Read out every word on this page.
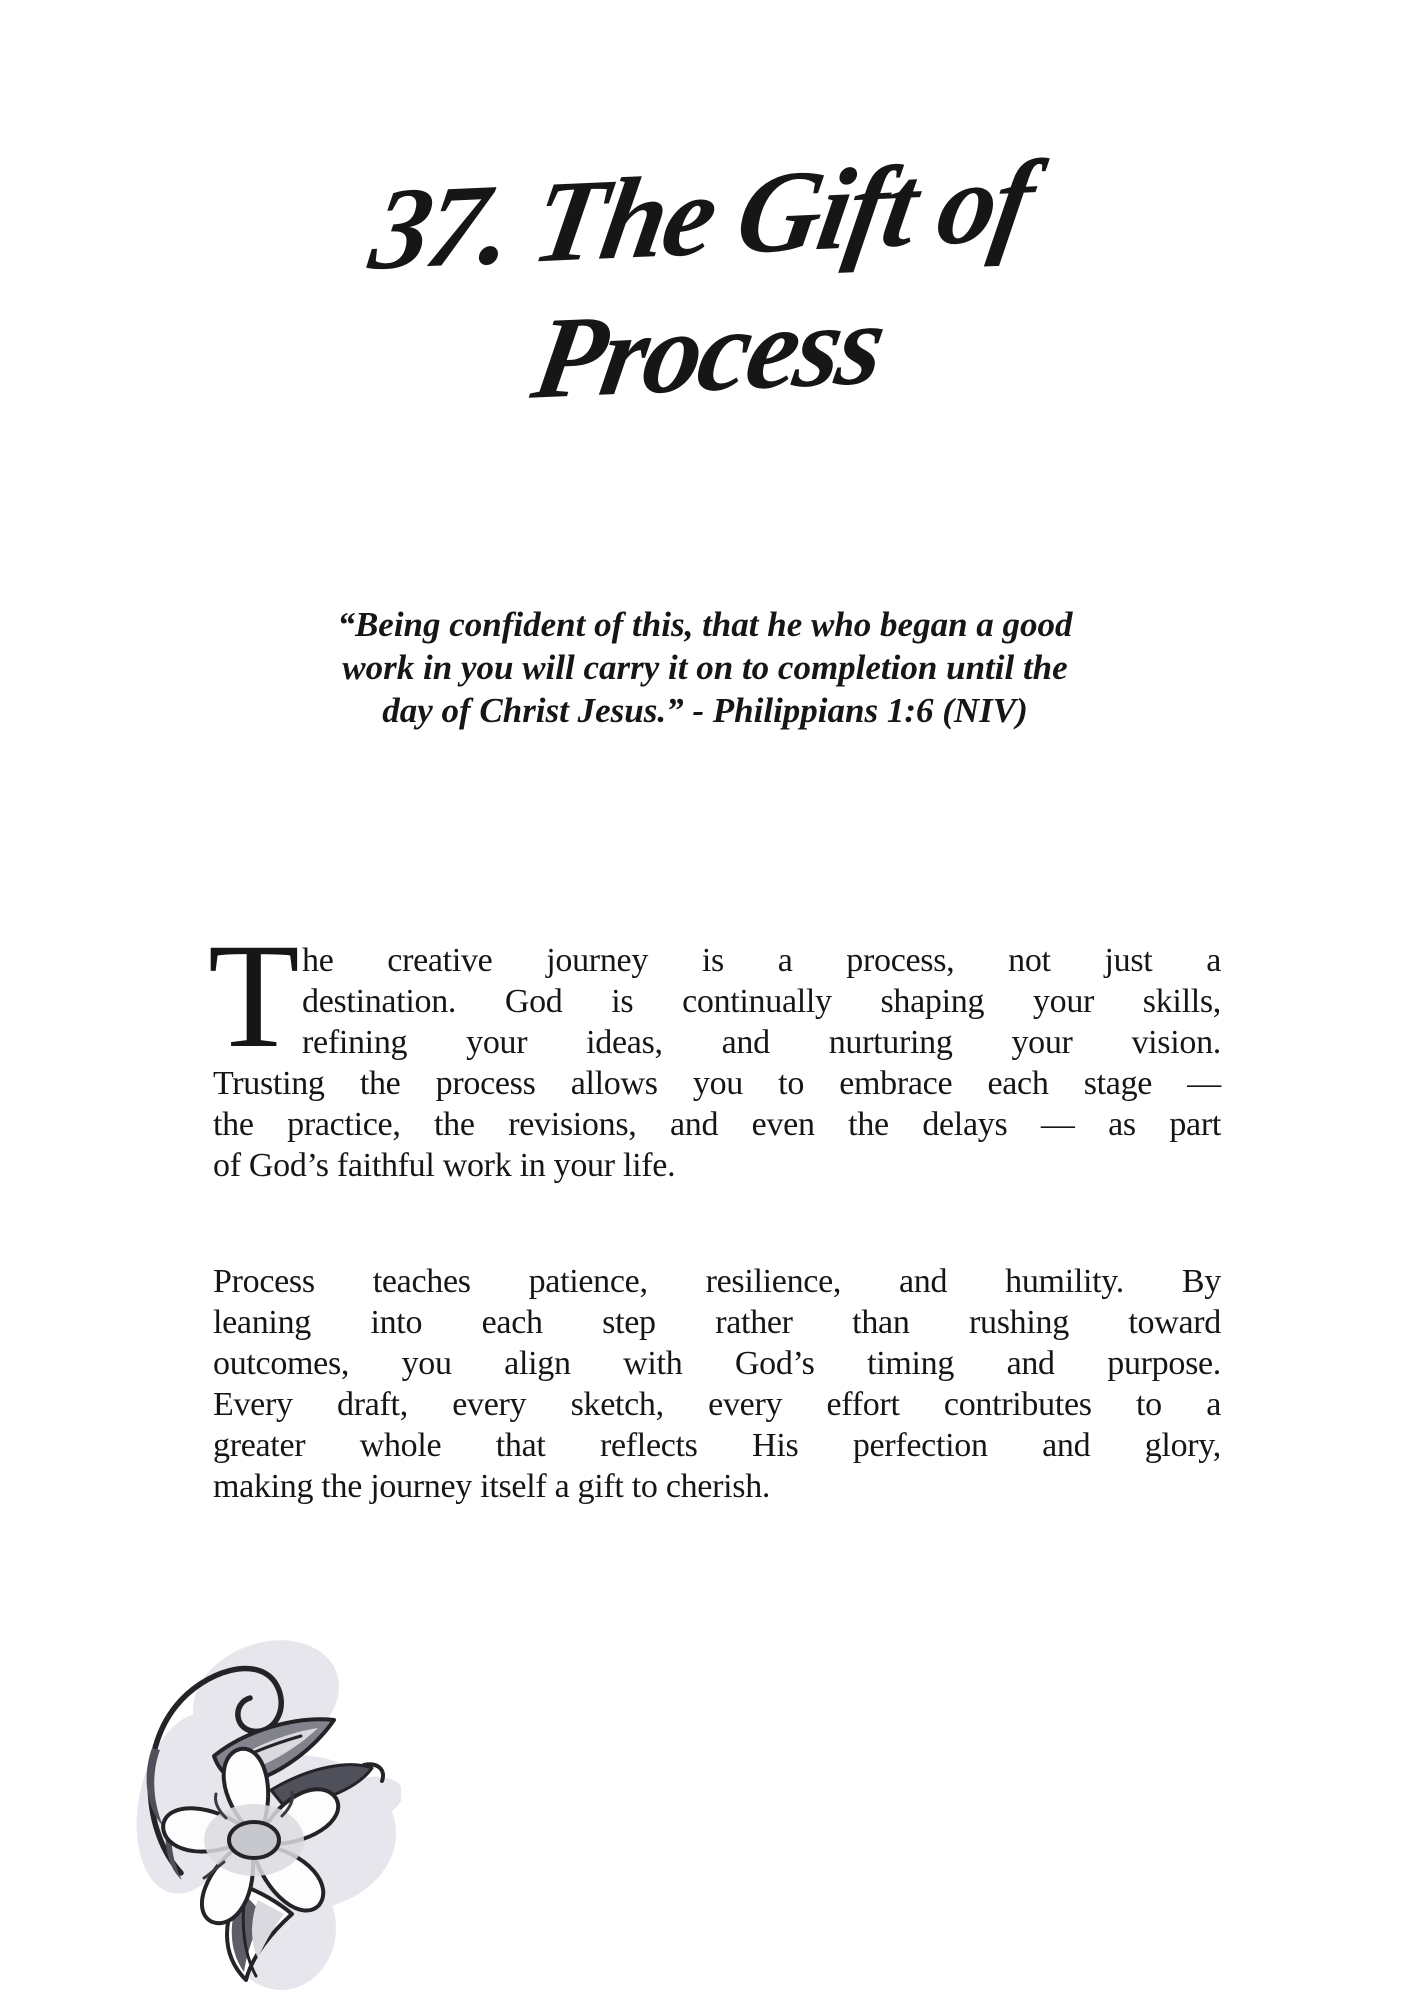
37. The Gift of
Process
“Being confident of this, that he who began a good
work in you will carry it on to completion until the
day of Christ Jesus.” - Philippians 1:6 (NIV)
T he creative journey is a process, not just a
destination. God is continually shaping your skills,
refining your ideas, and nurturing your vision.
Trusting the process allows you to embrace each stage —
the practice, the revisions, and even the delays — as part
of God’s faithful work in your life.
Process teaches patience, resilience, and humility. By
leaning into each step rather than rushing toward
outcomes, you align with God’s timing and purpose.
Every draft, every sketch, every effort contributes to a
greater whole that reflects His perfection and glory,
making the journey itself a gift to cherish.
